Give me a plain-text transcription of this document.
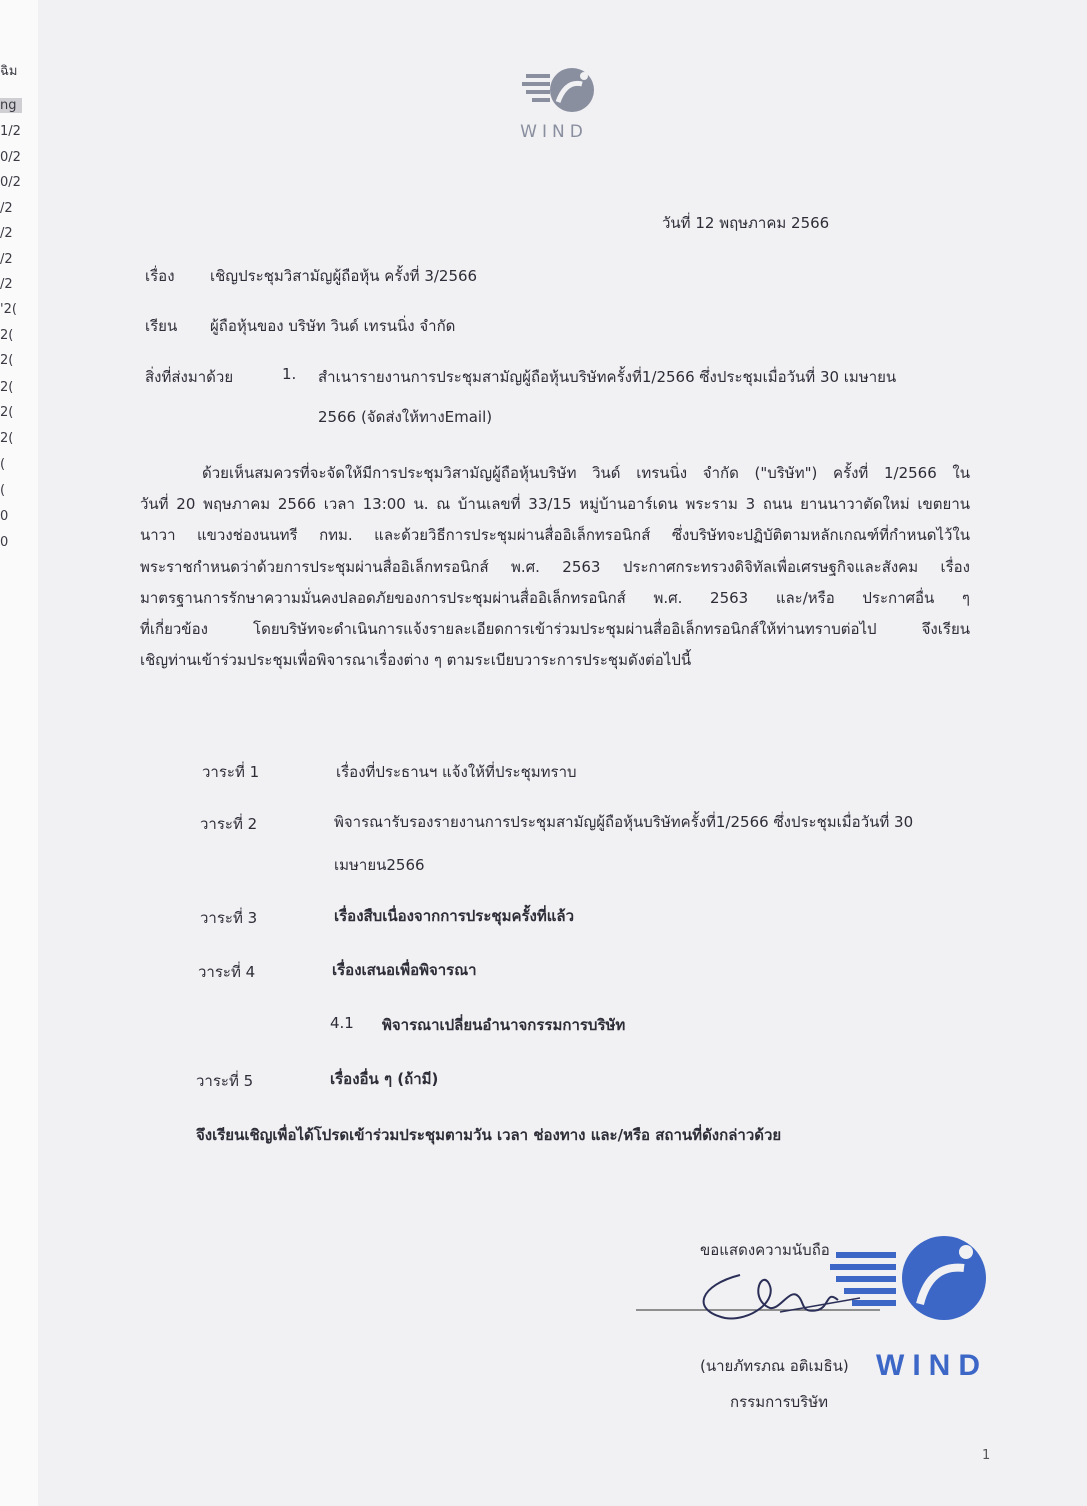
ฉิม
ng
1/2
0/2
0/2
/2
/2
/2
/2
'2(
2(
2(
2(
2(
2(
(
(
0
0
WIND
วันที่ 12 พฤษภาคม 2566
เรื่อง เชิญประชุมวิสามัญผู้ถือหุ้น ครั้งที่ 3/2566
เรียน ผู้ถือหุ้นของ บริษัท วินด์ เทรนนิ่ง จำกัด
สิ่งที่ส่งมาด้วย	1. สำเนารายงานการประชุมสามัญผู้ถือหุ้นบริษัทครั้งที่1/2566 ซึ่งประชุมเมื่อวันที่ 30 เมษายน
2566 (จัดส่งให้ทางEmail)
ด้วยเห็นสมควรที่จะจัดให้มีการประชุมวิสามัญผู้ถือหุ้นบริษัท วินด์ เทรนนิ่ง จำกัด ("บริษัท") ครั้งที่ 1/2566 ใน
วันที่ 20 พฤษภาคม 2566 เวลา 13:00 น. ณ บ้านเลขที่ 33/15 หมู่บ้านอาร์เดน พระราม 3 ถนน ยานนาวาตัดใหม่ เขตยาน
นาวา แขวงช่องนนทรี กทม. และด้วยวิธีการประชุมผ่านสื่ออิเล็กทรอนิกส์ ซึ่งบริษัทจะปฏิบัติตามหลักเกณฑ์ที่กำหนดไว้ใน
พระราชกำหนดว่าด้วยการประชุมผ่านสื่ออิเล็กทรอนิกส์ พ.ศ. 2563 ประกาศกระทรวงดิจิทัลเพื่อเศรษฐกิจและสังคม เรื่อง
มาตรฐานการรักษาความมั่นคงปลอดภัยของการประชุมผ่านสื่ออิเล็กทรอนิกส์ พ.ศ. 2563 และ/หรือ ประกาศอื่น ๆ
ที่เกี่ยวข้อง โดยบริษัทจะดำเนินการแจ้งรายละเอียดการเข้าร่วมประชุมผ่านสื่ออิเล็กทรอนิกส์ให้ท่านทราบต่อไป จึงเรียน
เชิญท่านเข้าร่วมประชุมเพื่อพิจารณาเรื่องต่าง ๆ ตามระเบียบวาระการประชุมดังต่อไปนี้
วาระที่ 1	เรื่องที่ประธานฯ แจ้งให้ที่ประชุมทราบ
วาระที่ 2	พิจารณารับรองรายงานการประชุมสามัญผู้ถือหุ้นบริษัทครั้งที่1/2566 ซึ่งประชุมเมื่อวันที่ 30
เมษายน2566
วาระที่ 3	เรื่องสืบเนื่องจากการประชุมครั้งที่แล้ว
วาระที่ 4	เรื่องเสนอเพื่อพิจารณา
4.1 พิจารณาเปลี่ยนอำนาจกรรมการบริษัท
วาระที่ 5	เรื่องอื่น ๆ (ถ้ามี)
จึงเรียนเชิญเพื่อได้โปรดเข้าร่วมประชุมตามวัน เวลา ช่องทาง และ/หรือ สถานที่ดังกล่าวด้วย
ขอแสดงความนับถือ
WIND
(นายภัทรภณ อติเมธิน)
กรรมการบริษัท
1
